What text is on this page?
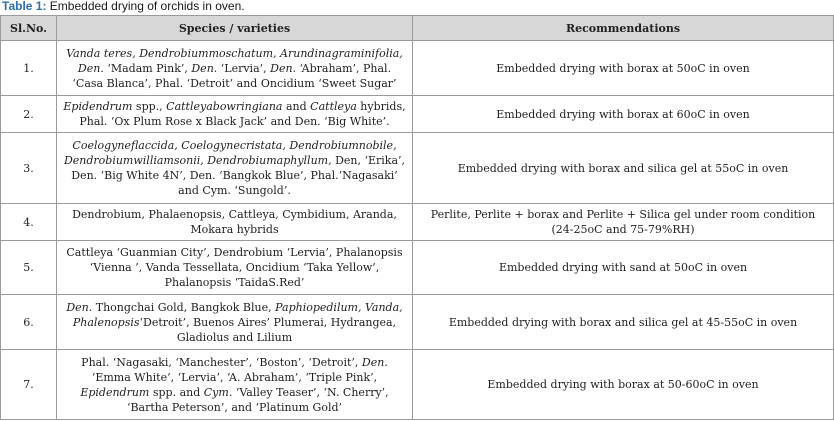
Table 1: Embedded drying of orchids in oven.
Sl.No.	Species / varieties	Recommendations
1.	Vanda teres, Dendrobiummoschatum, Arundinagraminifolia, Den. ‘Madam Pink’, Den. ‘Lervia’, Den. ‘Abraham’, Phal. ‘Casa Blanca’, Phal. ‘Detroit’ and Oncidium ‘Sweet Sugar’	Embedded drying with borax at 50oC in oven
2.	Epidendrum spp., Cattleyabowringiana and Cattleya hybrids, Phal. ‘Ox Plum Rose x Black Jack’ and Den. ‘Big White’.	Embedded drying with borax at 60oC in oven
3.	Coelogyneflaccida, Coelogynecristata, Dendrobiumnobile, Dendrobiumwilliamsonii, Dendrobiumaphyllum, Den, ‘Erika’, Den. ‘Big White 4N’, Den. ‘Bangkok Blue’, Phal.‘Nagasaki’ and Cym. ‘Sungold’.	Embedded drying with borax and silica gel at 55oC in oven
4.	Dendrobium, Phalaenopsis, Cattleya, Cymbidium, Aranda, Mokara hybrids	Perlite, Perlite + borax and Perlite + Silica gel under room condition (24-25oC and 75-79%RH)
5.	Cattleya ‘Guanmian City’, Dendrobium ‘Lervia’, Phalanopsis ‘Vienna ’, Vanda Tessellata, Oncidium ‘Taka Yellow’, Phalanopsis ‘TaidaS.Red’	Embedded drying with sand at 50oC in oven
6.	Den. Thongchai Gold, Bangkok Blue, Paphiopedilum, Vanda, Phalenopsis‘Detroit’, Buenos Aires’ Plumerai, Hydrangea, Gladiolus and Lilium	Embedded drying with borax and silica gel at 45-55oC in oven
7.	Phal. ‘Nagasaki, ‘Manchester’, ‘Boston’, ‘Detroit’, Den. ‘Emma White’, ‘Lervia’, ‘A. Abraham’, ‘Triple Pink’, Epidendrum spp. and Cym. ‘Valley Teaser’, ‘N. Cherry’, ‘Bartha Peterson’, and ‘Platinum Gold’	Embedded drying with borax at 50-60oC in oven
